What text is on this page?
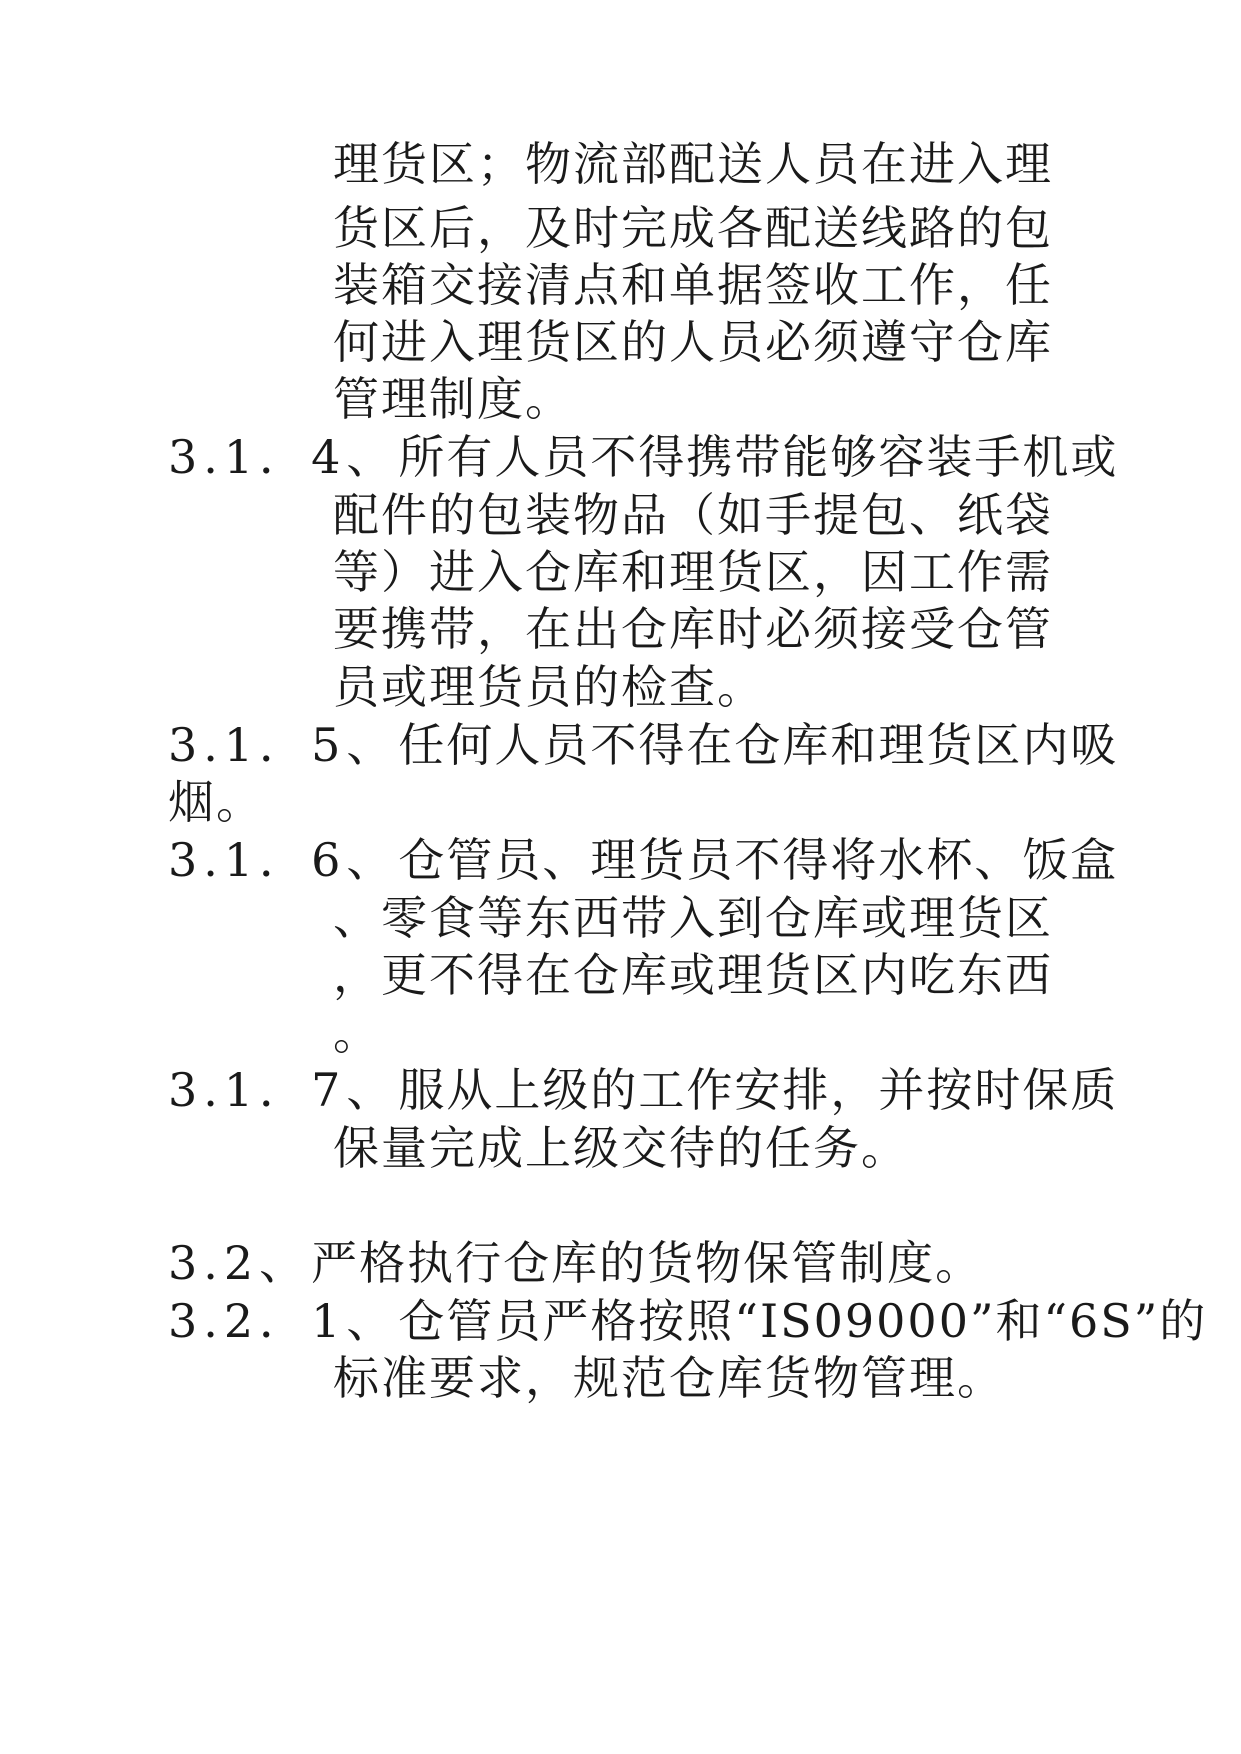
理货区；物流部配送人员在进入理
货区后，及时完成各配送线路的包
装箱交接清点和单据签收工作，任
何进入理货区的人员必须遵守仓库
管理制度。
3.1．4、所有人员不得携带能够容装手机或
配件的包装物品（如手提包、纸袋
等）进入仓库和理货区，因工作需
要携带，在出仓库时必须接受仓管
员或理货员的检查。
3.1．5、任何人员不得在仓库和理货区内吸
烟。
3.1．6、仓管员、理货员不得将水杯、饭盒
、零食等东西带入到仓库或理货区
，更不得在仓库或理货区内吃东西
。
3.1．7、服从上级的工作安排，并按时保质
保量完成上级交待的任务。
3.2、严格执行仓库的货物保管制度。
3.2．1、仓管员严格按照“IS09000”和“6S”的
标准要求，规范仓库货物管理。
